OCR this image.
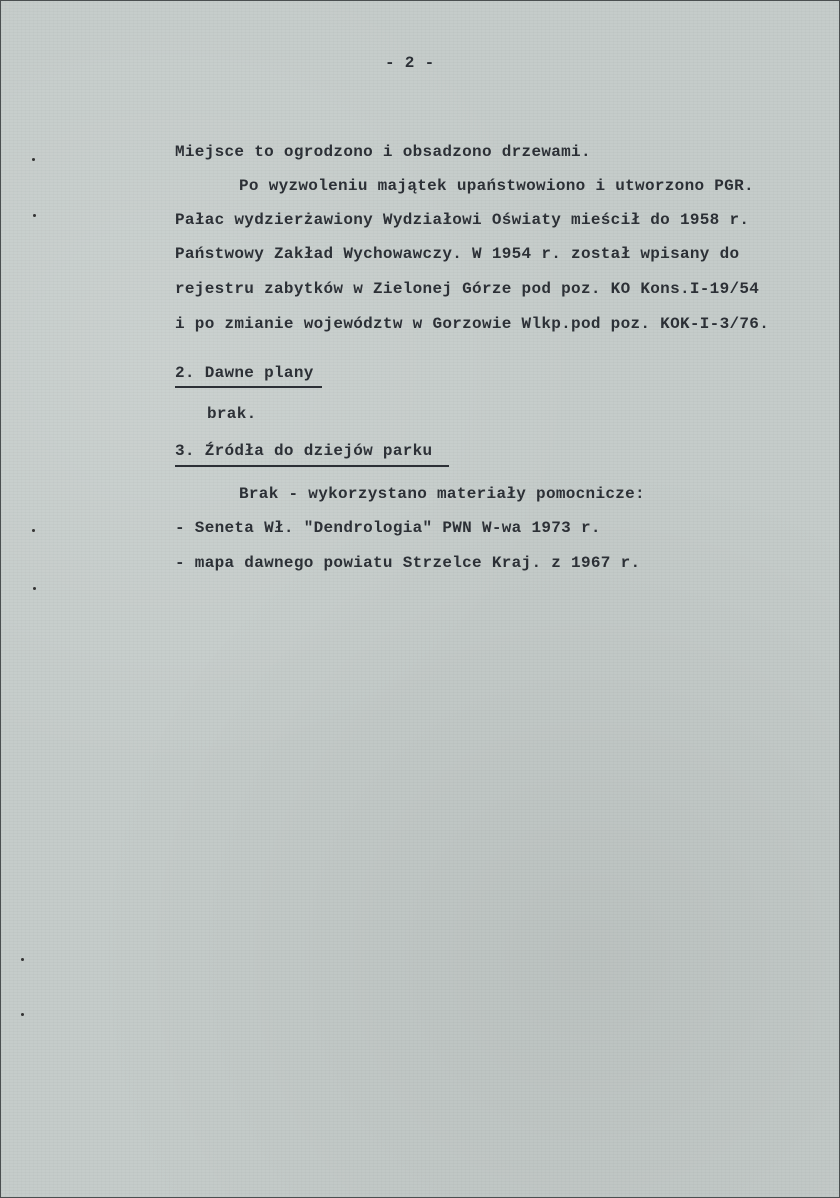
- 2 -
Miejsce to ogrodzono i obsadzono drzewami.
Po wyzwoleniu majątek upaństwowiono i utworzono PGR.
Pałac wydzierżawiony Wydziałowi Oświaty mieścił do 1958 r.
Państwowy Zakład Wychowawczy. W 1954 r. został wpisany do
rejestru zabytków w Zielonej Górze pod poz. KO Kons.I-19/54
i po zmianie województw w Gorzowie Wlkp.pod poz. KOK-I-3/76.
2. Dawne plany
brak.
3. Źródła do dziejów parku
Brak - wykorzystano materiały pomocnicze:
- Seneta Wł. "Dendrologia" PWN W-wa 1973 r.
- mapa dawnego powiatu Strzelce Kraj. z 1967 r.
